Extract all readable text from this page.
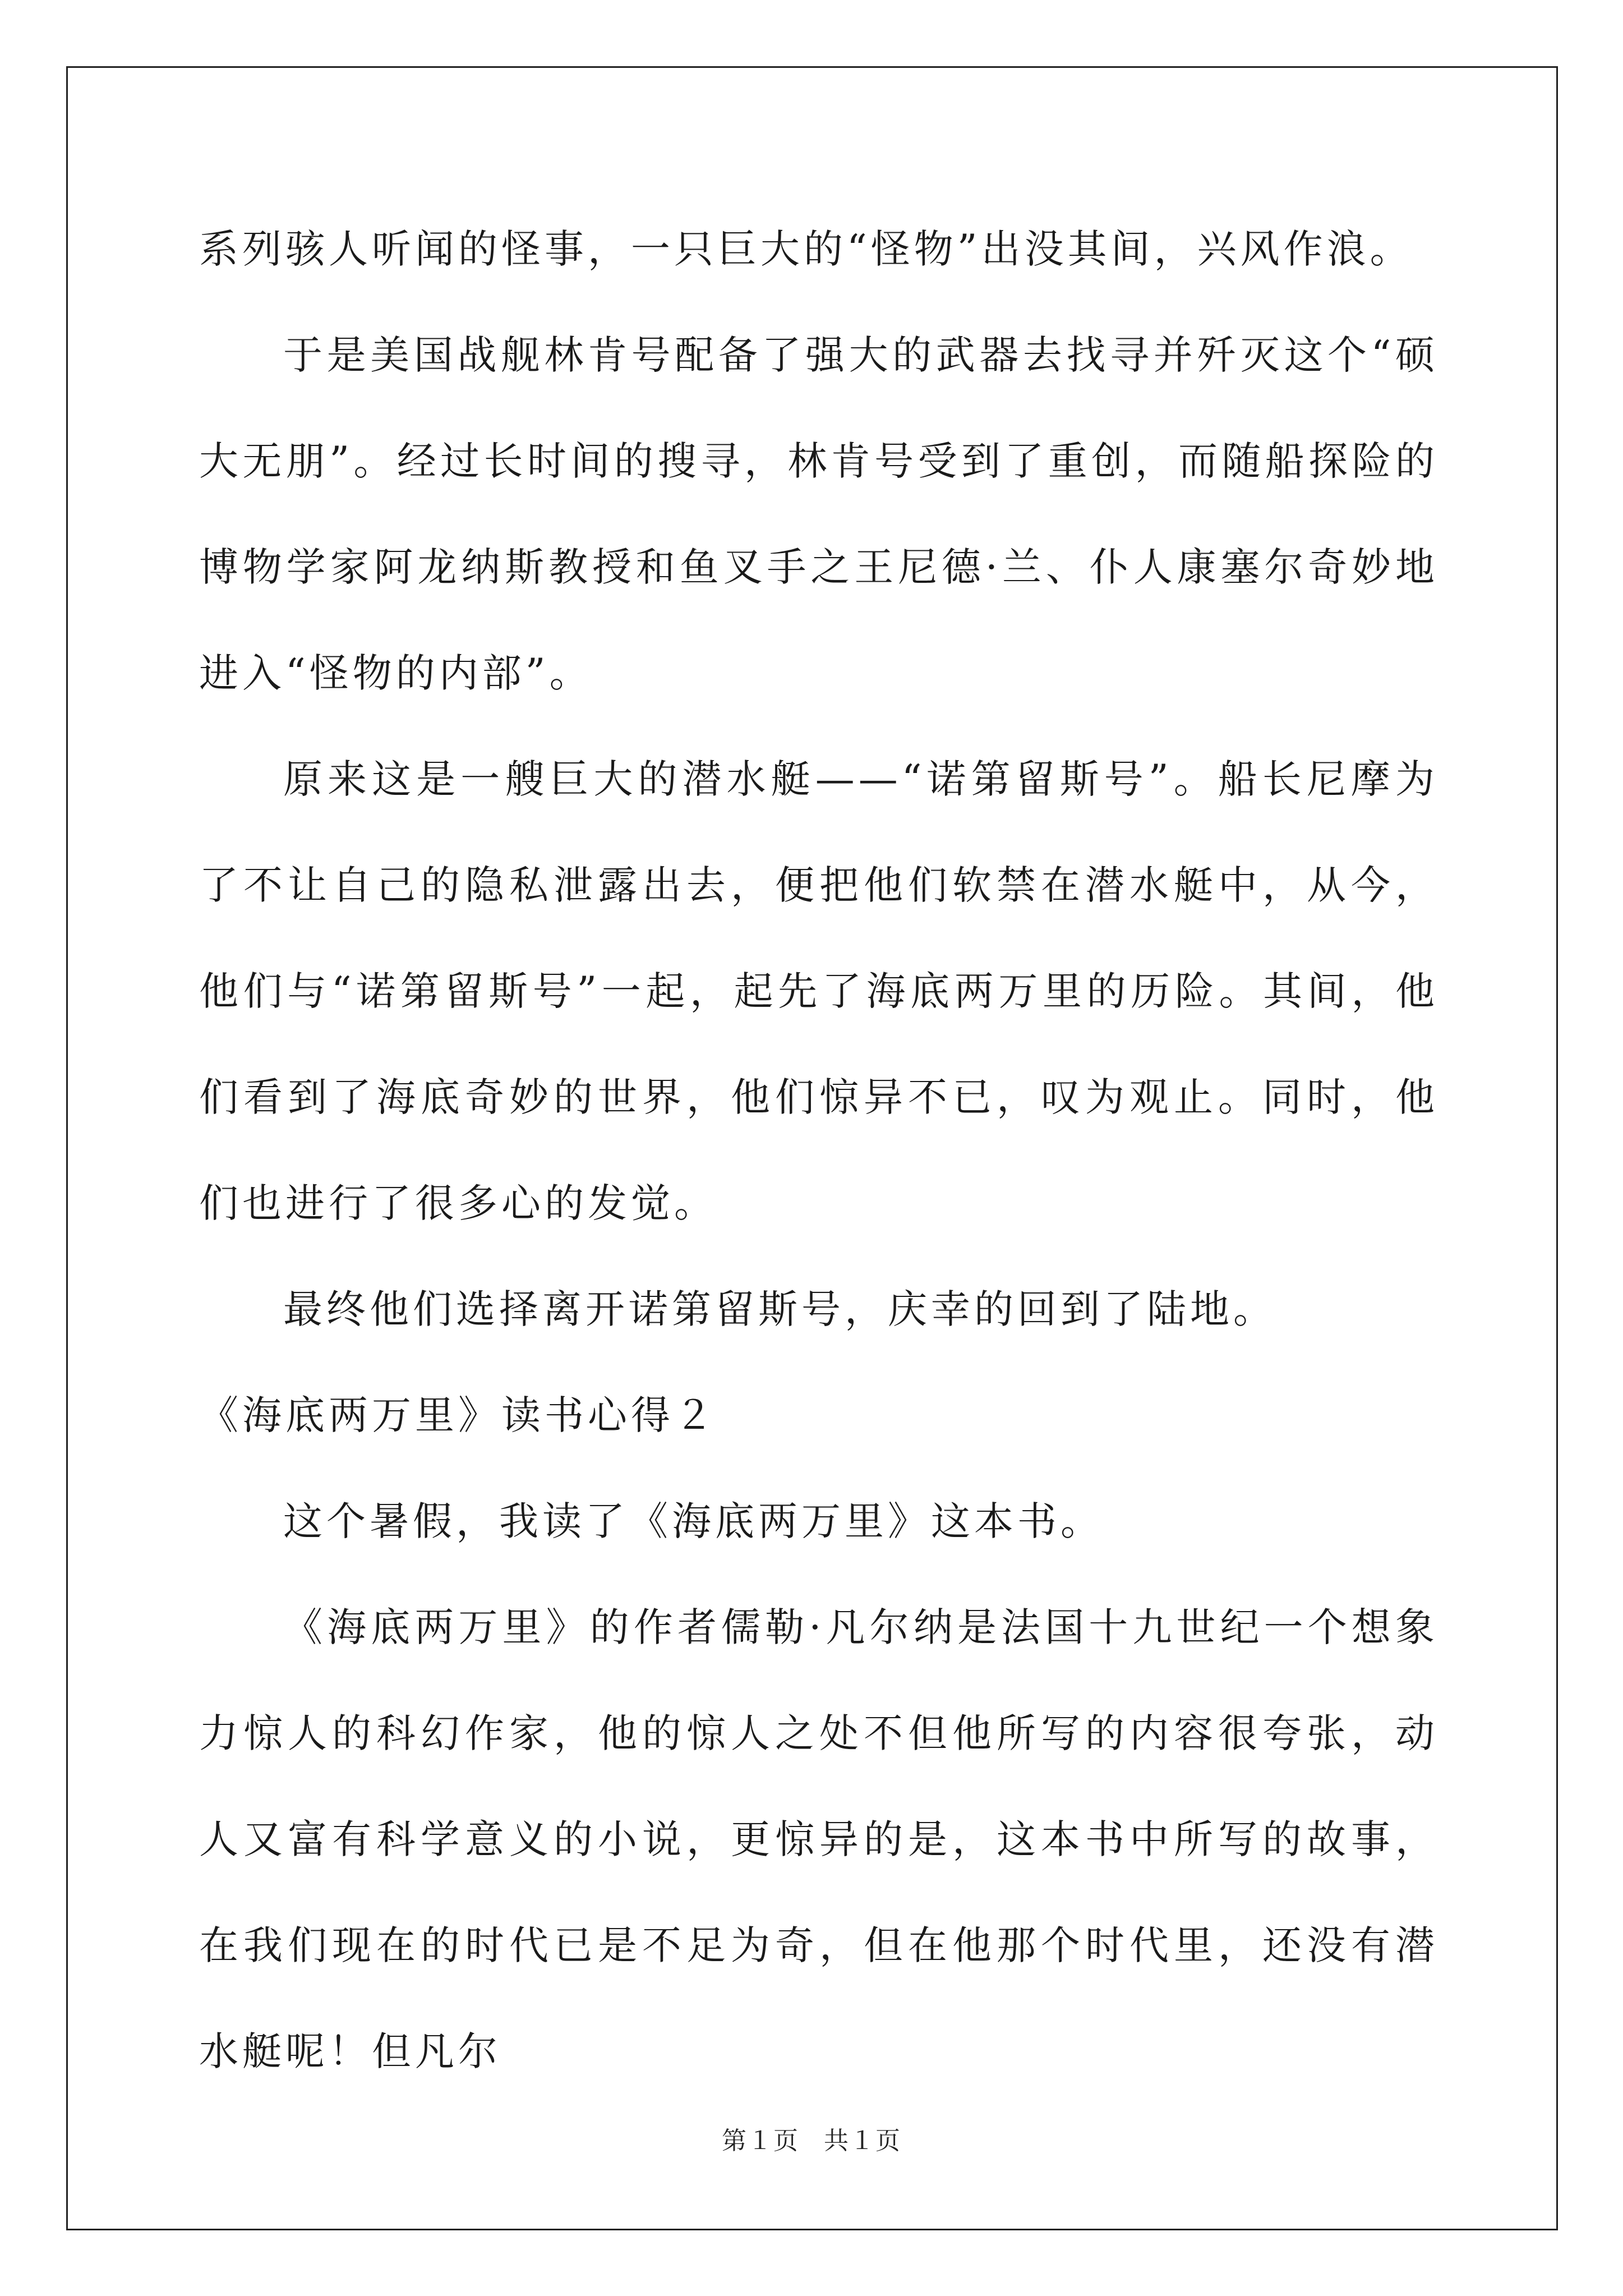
系列骇人听闻的怪事，一只巨大的“怪物”出没其间，兴风作浪。

于是美国战舰林肯号配备了强大的武器去找寻并歼灭这个“硕大无朋”。经过长时间的搜寻，林肯号受到了重创，而随船探险的博物学家阿龙纳斯教授和鱼叉手之王尼德·兰、仆人康塞尔奇妙地进入“怪物的内部”。

原来这是一艘巨大的潜水艇——“诺第留斯号”。船长尼摩为了不让自己的隐私泄露出去，便把他们软禁在潜水艇中，从今，他们与“诺第留斯号”一起，起先了海底两万里的历险。其间，他们看到了海底奇妙的世界，他们惊异不已，叹为观止。同时，他们也进行了很多心的发觉。

最终他们选择离开诺第留斯号，庆幸的回到了陆地。

《海底两万里》读书心得２

这个暑假，我读了《海底两万里》这本书。

《海底两万里》的作者儒勒·凡尔纳是法国十九世纪一个想象力惊人的科幻作家，他的惊人之处不但他所写的内容很夸张，动人又富有科学意义的小说，更惊异的是，这本书中所写的故事，在我们现在的时代已是不足为奇，但在他那个时代里，还没有潜水艇呢！但凡尔

第１页 共１页
